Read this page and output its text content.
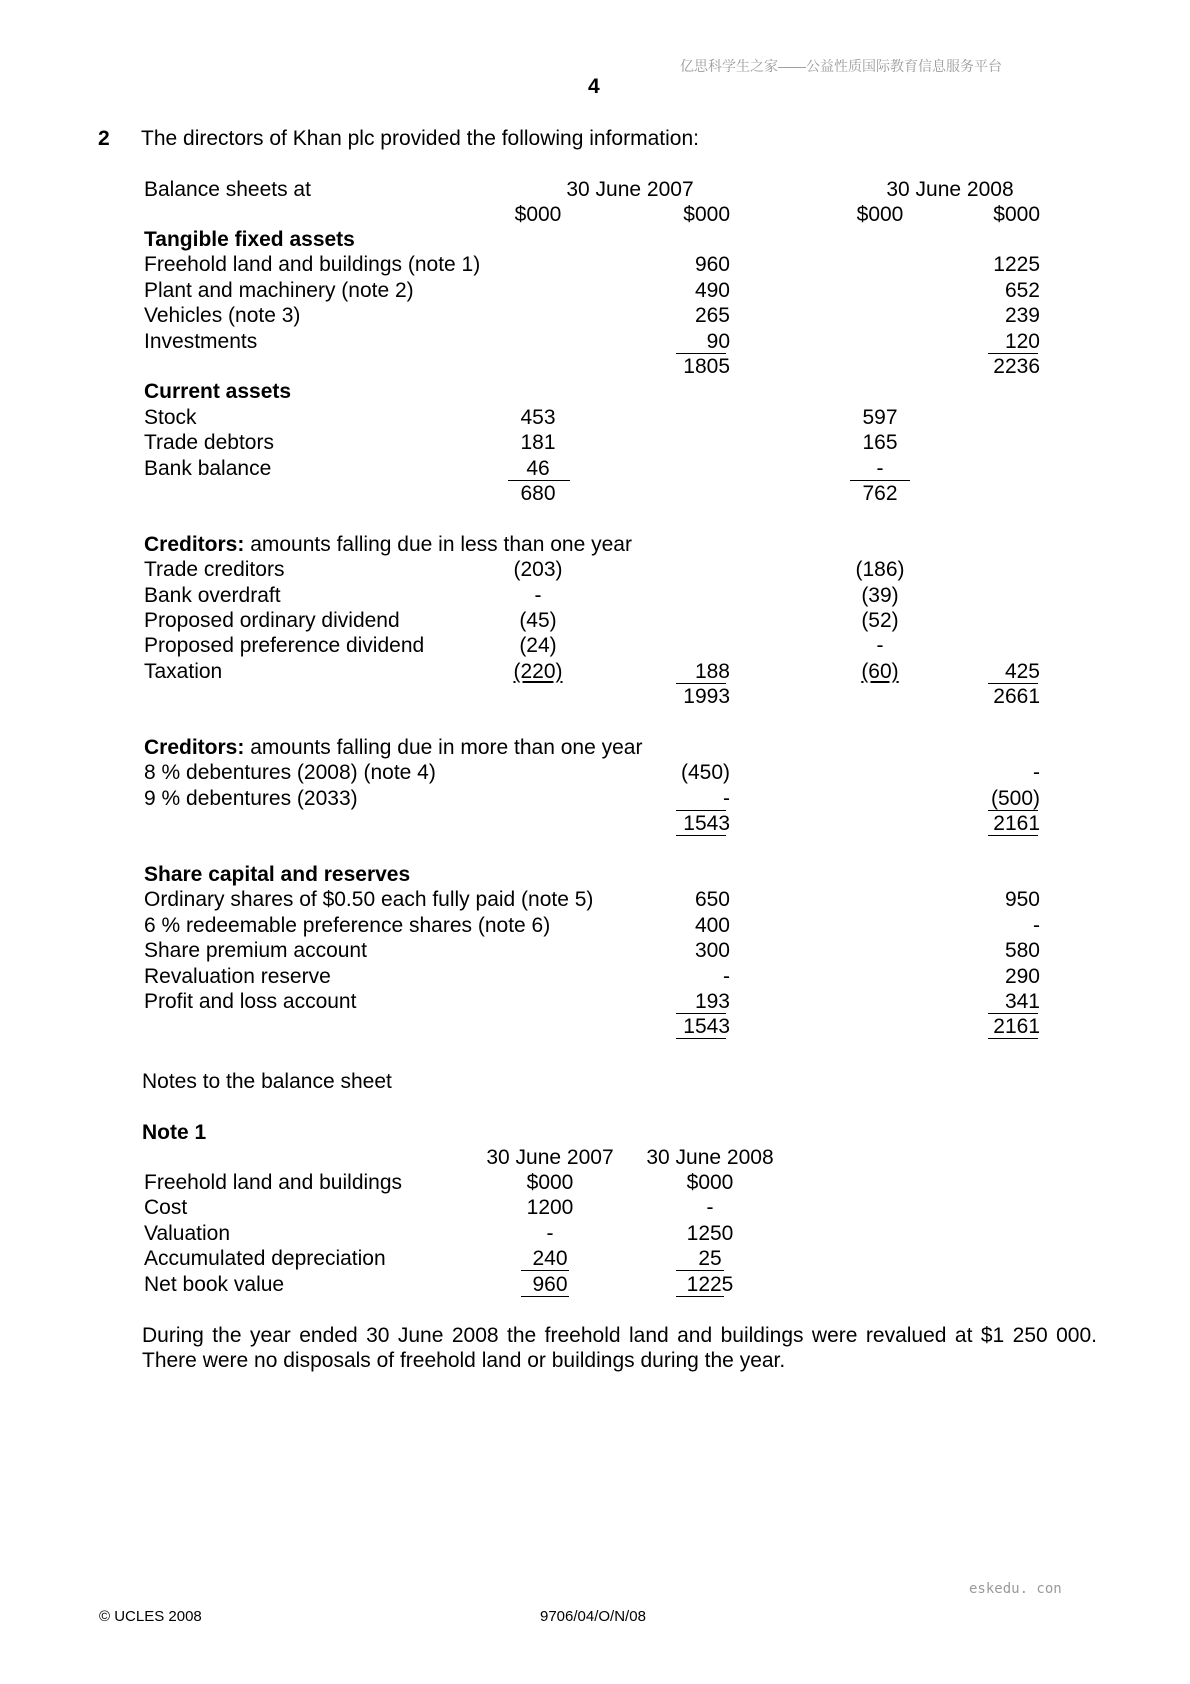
亿思科学生之家——公益性质国际教育信息服务平台
4
2 The directors of Khan plc provided the following information:
Balance sheets at	30 June 2007	30 June 2008
$000	$000	$000	$000
Tangible fixed assets
Freehold land and buildings (note 1)	960	1225
Plant and machinery (note 2)	490	652
Vehicles (note 3)	265	239
Investments	90	120
1805	2236
Current assets
Stock	453	597
Trade debtors	181	165
Bank balance	46	-
680	762
Creditors: amounts falling due in less than one year
Trade creditors	(203)	(186)
Bank overdraft	-	(39)
Proposed ordinary dividend	(45)	(52)
Proposed preference dividend	(24)	-
Taxation	(220)	188	(60)	425
1993	2661
Creditors: amounts falling due in more than one year
8 % debentures (2008) (note 4)	(450)	-
9 % debentures (2033)	-	(500)
1543	2161
Share capital and reserves
Ordinary shares of $0.50 each fully paid (note 5)	650	950
6 % redeemable preference shares (note 6)	400	-
Share premium account	300	580
Revaluation reserve	-	290
Profit and loss account	193	341
1543	2161
Notes to the balance sheet
Note 1
30 June 2007	30 June 2008
Freehold land and buildings	$000	$000
Cost	1200	-
Valuation	-	1250
Accumulated depreciation	240	25
Net book value	960	1225
During the year ended 30 June 2008 the freehold land and buildings were revalued at $1 250 000. There were no disposals of freehold land or buildings during the year.
eskedu. con
© UCLES 2008	9706/04/O/N/08
